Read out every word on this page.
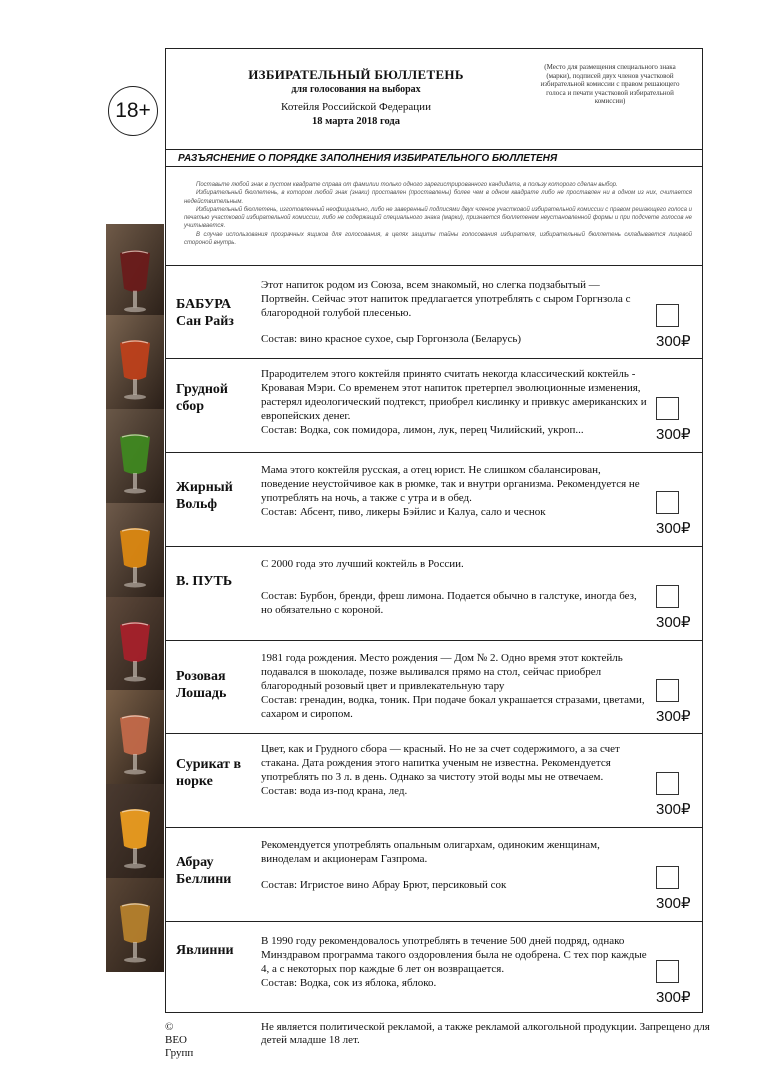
18+
ИЗБИРАТЕЛЬНЫЙ БЮЛЛЕТЕНЬ
для голосования на выборах
Котейля Российской Федерации
18 марта 2018 года
(Место для размещения специального знака (марки), подписей двух членов участковой избирательной комиссии с правом решающего голоса и печати участковой избирательной комиссии)
РАЗЪЯСНЕНИЕ О ПОРЯДКЕ ЗАПОЛНЕНИЯ ИЗБИРАТЕЛЬНОГО БЮЛЛЕТЕНЯ

Поставьте любой знак в пустом квадрате справа от фамилии только одного зарегистрированного кандидата, в пользу которого сделан выбор.

Избирательный бюллетень, в котором любой знак (знаки) проставлен (проставлены) более чем в одном квадрате либо не проставлен ни в одном из них, считается недействительным.

Избирательный бюллетень, изготовленный неофициально, либо не заверенный подписями двух членов участковой избирательной комиссии с правом решающего голоса и печатью участковой избирательной комиссии, либо не содержащий специального знака (марки), признается бюллетенем неустановленной формы и при подсчете голосов не учитывается.

В случае использования прозрачных ящиков для голосования, в целях защиты тайны голосования избирателя, избирательный бюллетень складывается лицевой стороной внутрь.

БАБУРА Сан Райз
Этот напиток родом из Союза, всем знакомый, но слегка подзабытый — Портвейн. Сейчас этот напиток предлагается употреблять с сыром Горгнзола с благородной голубой плесенью.
Состав: вино красное сухое, сыр Горгонзола (Беларусь)	300₽
Грудной сбор
Прародителем этого коктейля принято считать некогда классический коктейль - Кровавая Мэри. Со временем этот напиток претерпел эволюционные изменения, растерял идеологический подтекст, приобрел кислинку и привкус американских и европейских денег.
Состав: Водка, сок помидора, лимон, лук, перец Чилийский, укроп...	300₽
Жирный Вольф
Мама этого коктейля русская, а отец юрист. Не слишком сбалансирован, поведение неустойчивое как в рюмке, так и внутри организма. Рекомендуется не употреблять на ночь, а также с утра и в обед.
Состав: Абсент, пиво, ликеры Бэйлис и Калуа, сало и чеснок
300₽
В. ПУТЬ
С 2000 года это лучший коктейль в России.
Состав: Бурбон, бренди, фреш лимона. Подается обычно в галстуке, иногда без, но обязательно с короной.
300₽
Розовая Лошадь
1981 года рождения. Место рождения — Дом № 2. Одно время этот коктейль подавался в шоколаде, позже выливался прямо на стол, сейчас приобрел благородный розовый цвет и привлекательную тару
Состав: гренадин, водка, тоник. При подаче бокал украшается стразами, цветами, сахаром и сиропом.	300₽
Сурикат в норке
Цвет, как и Грудного сбора — красный. Но не за счет содержимого, а за счет стакана. Дата рождения этого напитка ученым не известна. Рекомендуется употреблять по 3 л. в день. Однако за чистоту этой воды мы не отвечаем.
Состав: вода из-под крана, лед.
300₽
Абрау Беллини
Рекомендуется употреблять опальным олигархам, одиноким женщинам, виноделам и акционерам Газпрома.
Состав: Игристое вино Абрау Брют, персиковый сок
300₽
Явлинни
В 1990 году рекомендовалось употреблять в течение 500 дней подряд, однако Минздравом программа такого оздоровления была не одобрена. С тех пор каждые 4, а с некоторых пор каждые 6 лет он возвращается.
Состав: Водка, сок из яблока, яблоко.
300₽
© ВЕО Групп
Не является политической рекламой, а также рекламой алкогольной продукции. Запрещено для детей младше 18 лет.
